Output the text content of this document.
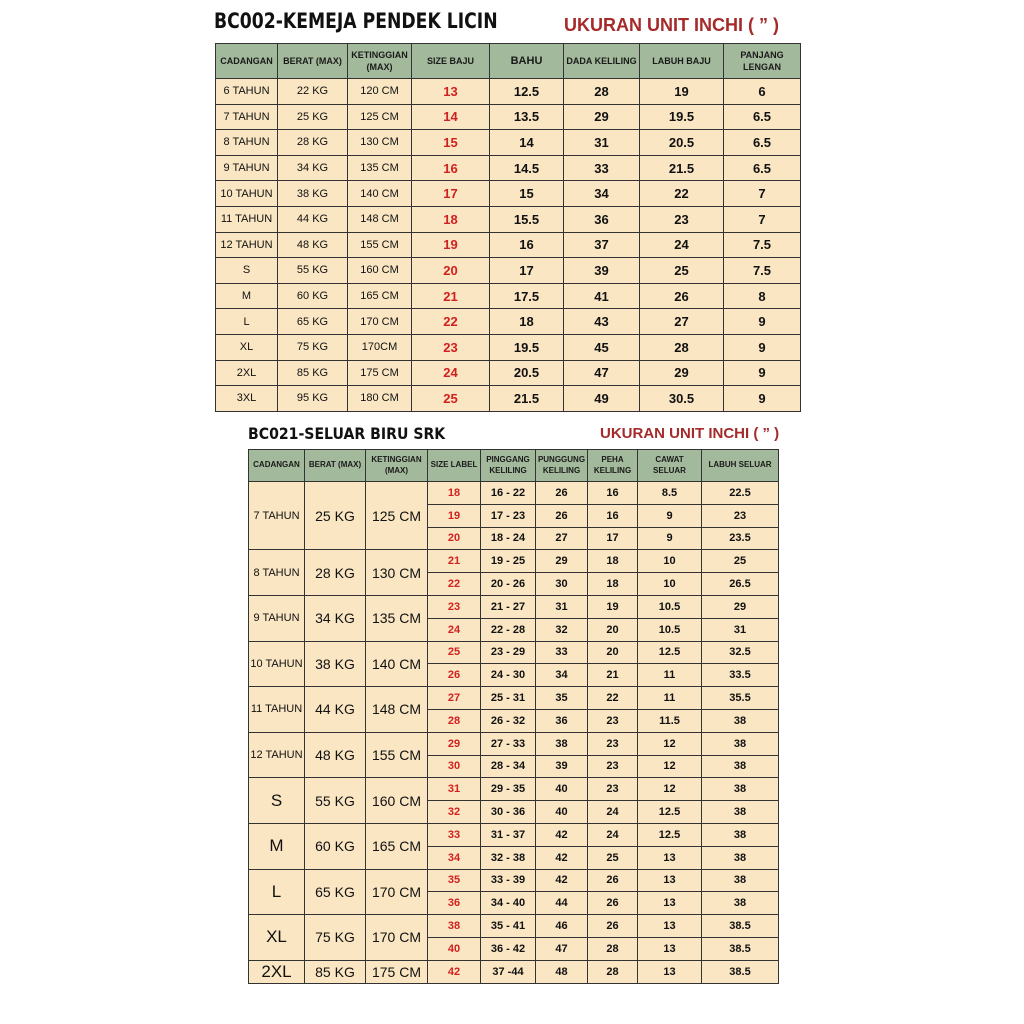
BC002-KEMEJA PENDEK LICIN	UKURAN UNIT INCHI ( ” )
CADANGAN	BERAT (MAX)	KETINGGIAN (MAX)	SIZE BAJU	BAHU	DADA KELILING	LABUH BAJU	PANJANG LENGAN
6 TAHUN	22 KG	120 CM	13	12.5	28	19	6
7 TAHUN	25 KG	125 CM	14	13.5	29	19.5	6.5
8 TAHUN	28 KG	130 CM	15	14	31	20.5	6.5
9 TAHUN	34 KG	135 CM	16	14.5	33	21.5	6.5
10 TAHUN	38 KG	140 CM	17	15	34	22	7
11 TAHUN	44 KG	148 CM	18	15.5	36	23	7
12 TAHUN	48 KG	155 CM	19	16	37	24	7.5
S	55 KG	160 CM	20	17	39	25	7.5
M	60 KG	165 CM	21	17.5	41	26	8
L	65 KG	170 CM	22	18	43	27	9
XL	75 KG	170CM	23	19.5	45	28	9
2XL	85 KG	175 CM	24	20.5	47	29	9
3XL	95 KG	180 CM	25	21.5	49	30.5	9
BC021-SELUAR BIRU SRK	UKURAN UNIT INCHI ( ” )
CADANGAN	BERAT (MAX)	KETINGGIAN (MAX)	SIZE LABEL	PINGGANG KELILING	PUNGGUNG KELILING	PEHA KELILING	CAWAT SELUAR	LABUH SELUAR
7 TAHUN	25 KG	125 CM	18	16 - 22	26	16	8.5	22.5
			19	17 - 23	26	16	9	23
			20	18 - 24	27	17	9	23.5
8 TAHUN	28 KG	130 CM	21	19 - 25	29	18	10	25
			22	20 - 26	30	18	10	26.5
9 TAHUN	34 KG	135 CM	23	21 - 27	31	19	10.5	29
			24	22 - 28	32	20	10.5	31
10 TAHUN	38 KG	140 CM	25	23 - 29	33	20	12.5	32.5
			26	24 - 30	34	21	11	33.5
11 TAHUN	44 KG	148 CM	27	25 - 31	35	22	11	35.5
			28	26 - 32	36	23	11.5	38
12 TAHUN	48 KG	155 CM	29	27 - 33	38	23	12	38
			30	28 - 34	39	23	12	38
S	55 KG	160 CM	31	29 - 35	40	23	12	38
			32	30 - 36	40	24	12.5	38
M	60 KG	165 CM	33	31 - 37	42	24	12.5	38
			34	32 - 38	42	25	13	38
L	65 KG	170 CM	35	33 - 39	42	26	13	38
			36	34 - 40	44	26	13	38
XL	75 KG	170 CM	38	35 - 41	46	26	13	38.5
			40	36 - 42	47	28	13	38.5
2XL	85 KG	175 CM	42	37 -44	48	28	13	38.5
